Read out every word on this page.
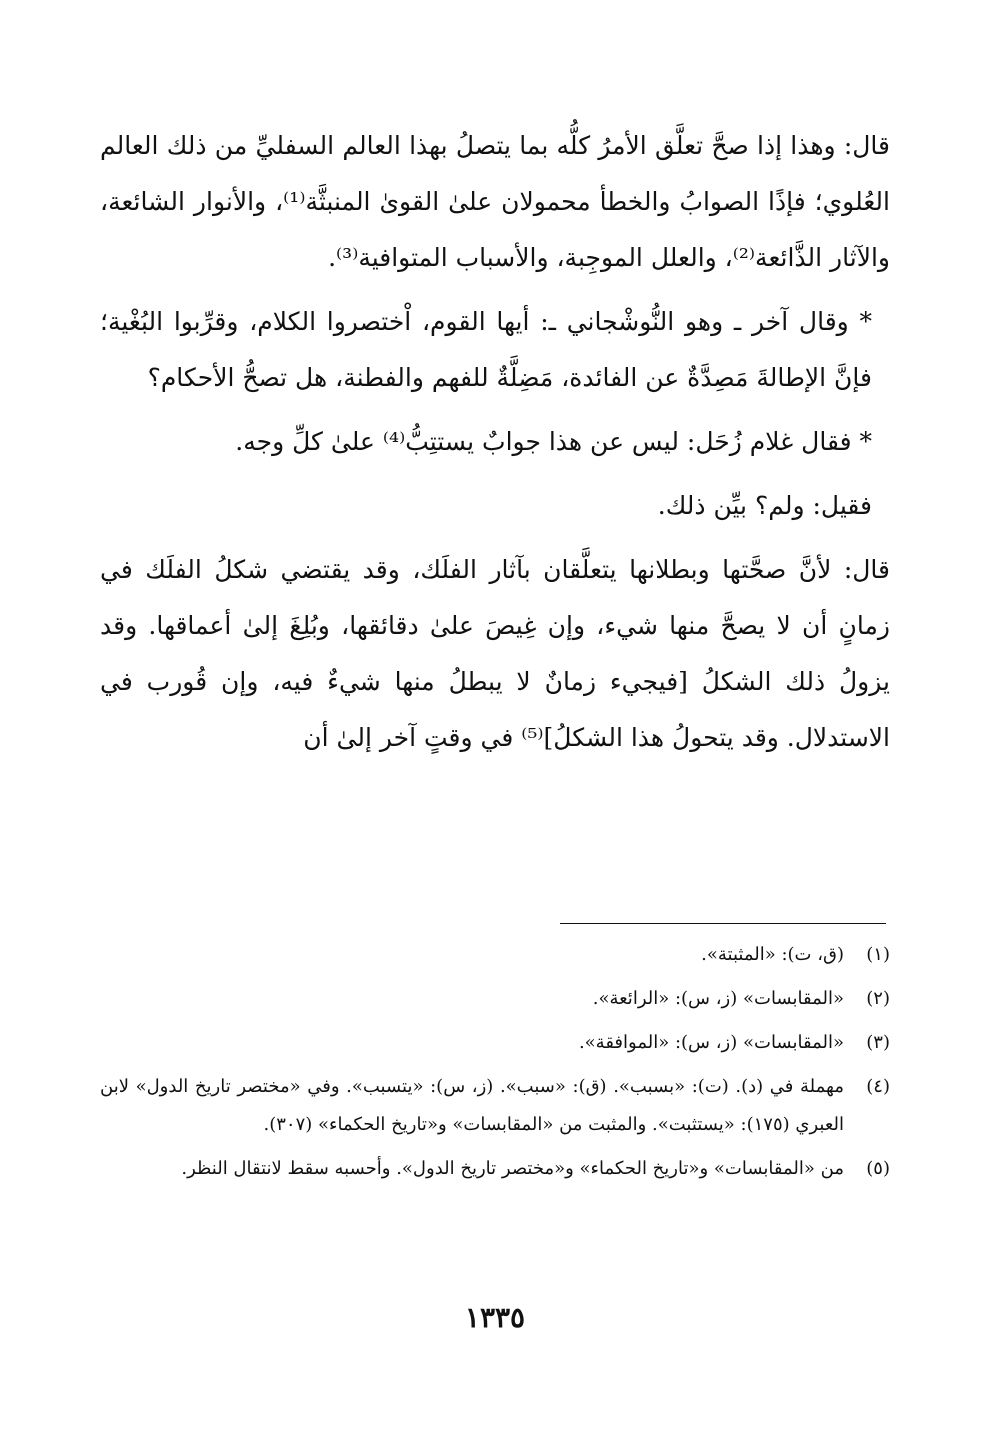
قال: وهذا إذا صحَّ تعلَّق الأمرُ كلُّه بما يتصلُ بهذا العالم السفليِّ من ذلك العالم العُلوي؛ فإذًا الصوابُ والخطأ محمولان علىٰ القوىٰ المنبثَّة⁽¹⁾، والأنوار الشائعة، والآثار الذَّائعة⁽²⁾، والعلل الموجِبة، والأسباب المتوافية⁽³⁾.

* وقال آخر ـ وهو النُّوشْجاني ـ: أيها القوم، اْختصروا الكلام، وقرِّبوا البُغْية؛ فإنَّ الإطالةَ مَصِدَّةٌ عن الفائدة، مَضِلَّةٌ للفهم والفطنة، هل تصحُّ الأحكام؟

* فقال غلام زُحَل: ليس عن هذا جوابٌ يستتِبُّ⁽⁴⁾ علىٰ كلِّ وجه.

فقيل: ولم؟ بيِّن ذلك.

قال: لأنَّ صحَّتها وبطلانها يتعلَّقان بآثار الفلَك، وقد يقتضي شكلُ الفلَك في زمانٍ أن لا يصحَّ منها شيء، وإن غِيصَ علىٰ دقائقها، وبُلِغَ إلىٰ أعماقها. وقد يزولُ ذلك الشكلُ [فيجيء زمانٌ لا يبطلُ منها شيءٌ فيه، وإن قُورب في الاستدلال. وقد يتحولُ هذا الشكلُ]⁽⁵⁾ في وقتٍ آخر إلىٰ أن

(١)
(ق، ت): «المثبتة».
(٢)
«المقابسات» (ز، س): «الرائعة».
(٣)
«المقابسات» (ز، س): «الموافقة».
(٤)
مهملة في (د). (ت): «بسبب». (ق): «سبب». (ز، س): «يتسبب». وفي «مختصر تاريخ الدول» لابن العبري (١٧٥): «يستثبت». والمثبت من «المقابسات» و«تاريخ الحكماء» (٣٠٧).
(٥)
من «المقابسات» و«تاريخ الحكماء» و«مختصر تاريخ الدول». وأحسبه سقط لانتقال النظر.
١٣٣٥
